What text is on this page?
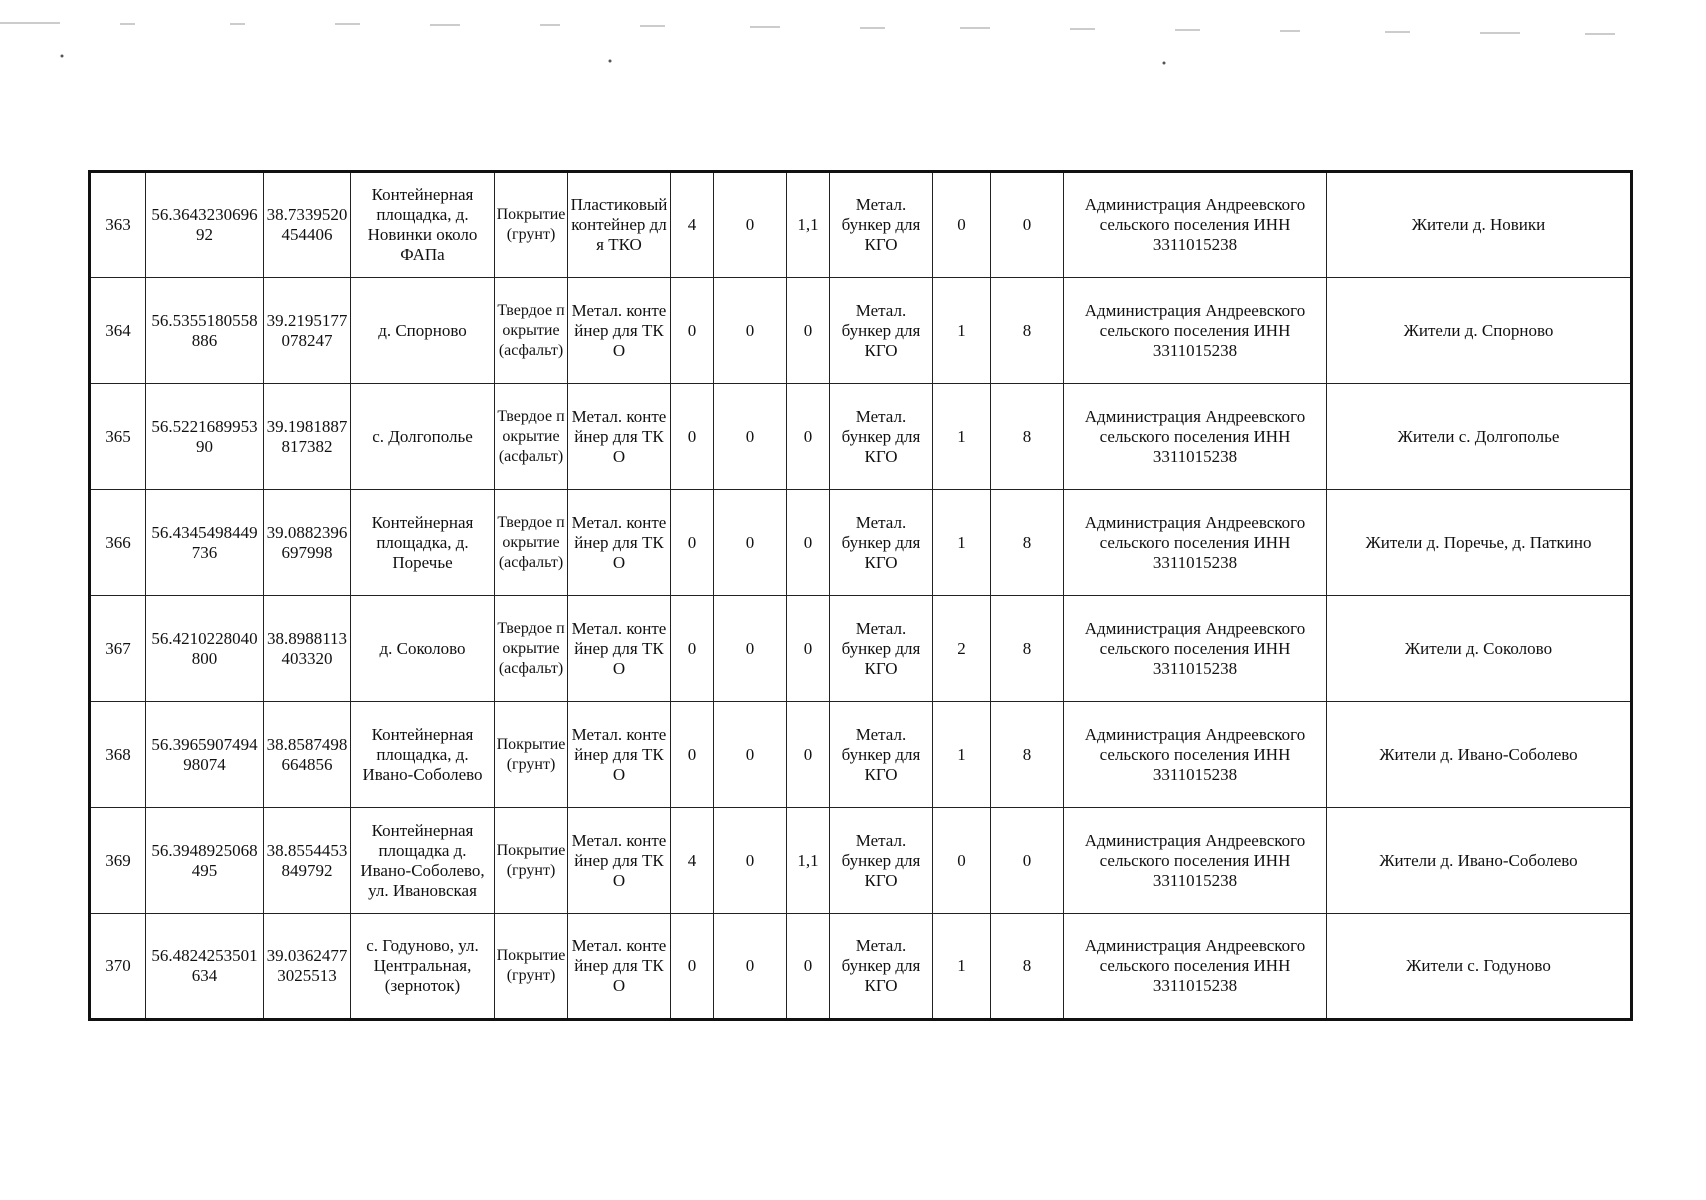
363	56.364323069692	38.7339520454406	Контейнерная площадка, д. Новинки около ФАПа	Покрытие (грунт)	Пластиковый контейнер для ТКО	4	0	1,1	Метал. бункер для КГО	0	0	Администрация Андреевского сельского поселения ИНН 3311015238	Жители д. Новики
364	56.5355180558886	39.2195177078247	д. Спорново	Твердое покрытие (асфальт)	Метал. контейнер для ТКО	0	0	0	Метал. бункер для КГО	1	8	Администрация Андреевского сельского поселения ИНН 3311015238	Жители д. Спорново
365	56.522168995390	39.1981887817382	с. Долгополье	Твердое покрытие (асфальт)	Метал. контейнер для ТКО	0	0	0	Метал. бункер для КГО	1	8	Администрация Андреевского сельского поселения ИНН 3311015238	Жители с. Долгополье
366	56.4345498449736	39.0882396697998	Контейнерная площадка, д. Поречье	Твердое покрытие (асфальт)	Метал. контейнер для ТКО	0	0	0	Метал. бункер для КГО	1	8	Администрация Андреевского сельского поселения ИНН 3311015238	Жители д. Поречье, д. Паткино
367	56.4210228040800	38.8988113403320	д. Соколово	Твердое покрытие (асфальт)	Метал. контейнер для ТКО	0	0	0	Метал. бункер для КГО	2	8	Администрация Андреевского сельского поселения ИНН 3311015238	Жители д. Соколово
368	56.396590749498074	38.8587498664856	Контейнерная площадка, д. Ивано-Соболево	Покрытие (грунт)	Метал. контейнер для ТКО	0	0	0	Метал. бункер для КГО	1	8	Администрация Андреевского сельского поселения ИНН 3311015238	Жители д. Ивано-Соболево
369	56.3948925068495	38.8554453849792	Контейнерная площадка д. Ивано-Соболево, ул. Ивановская	Покрытие (грунт)	Метал. контейнер для ТКО	4	0	1,1	Метал. бункер для КГО	0	0	Администрация Андреевского сельского поселения ИНН 3311015238	Жители д. Ивано-Соболево
370	56.4824253501634	39.03624773025513	с. Годуново, ул. Центральная, (зерноток)	Покрытие (грунт)	Метал. контейнер для ТКО	0	0	0	Метал. бункер для КГО	1	8	Администрация Андреевского сельского поселения ИНН 3311015238	Жители с. Годуново
